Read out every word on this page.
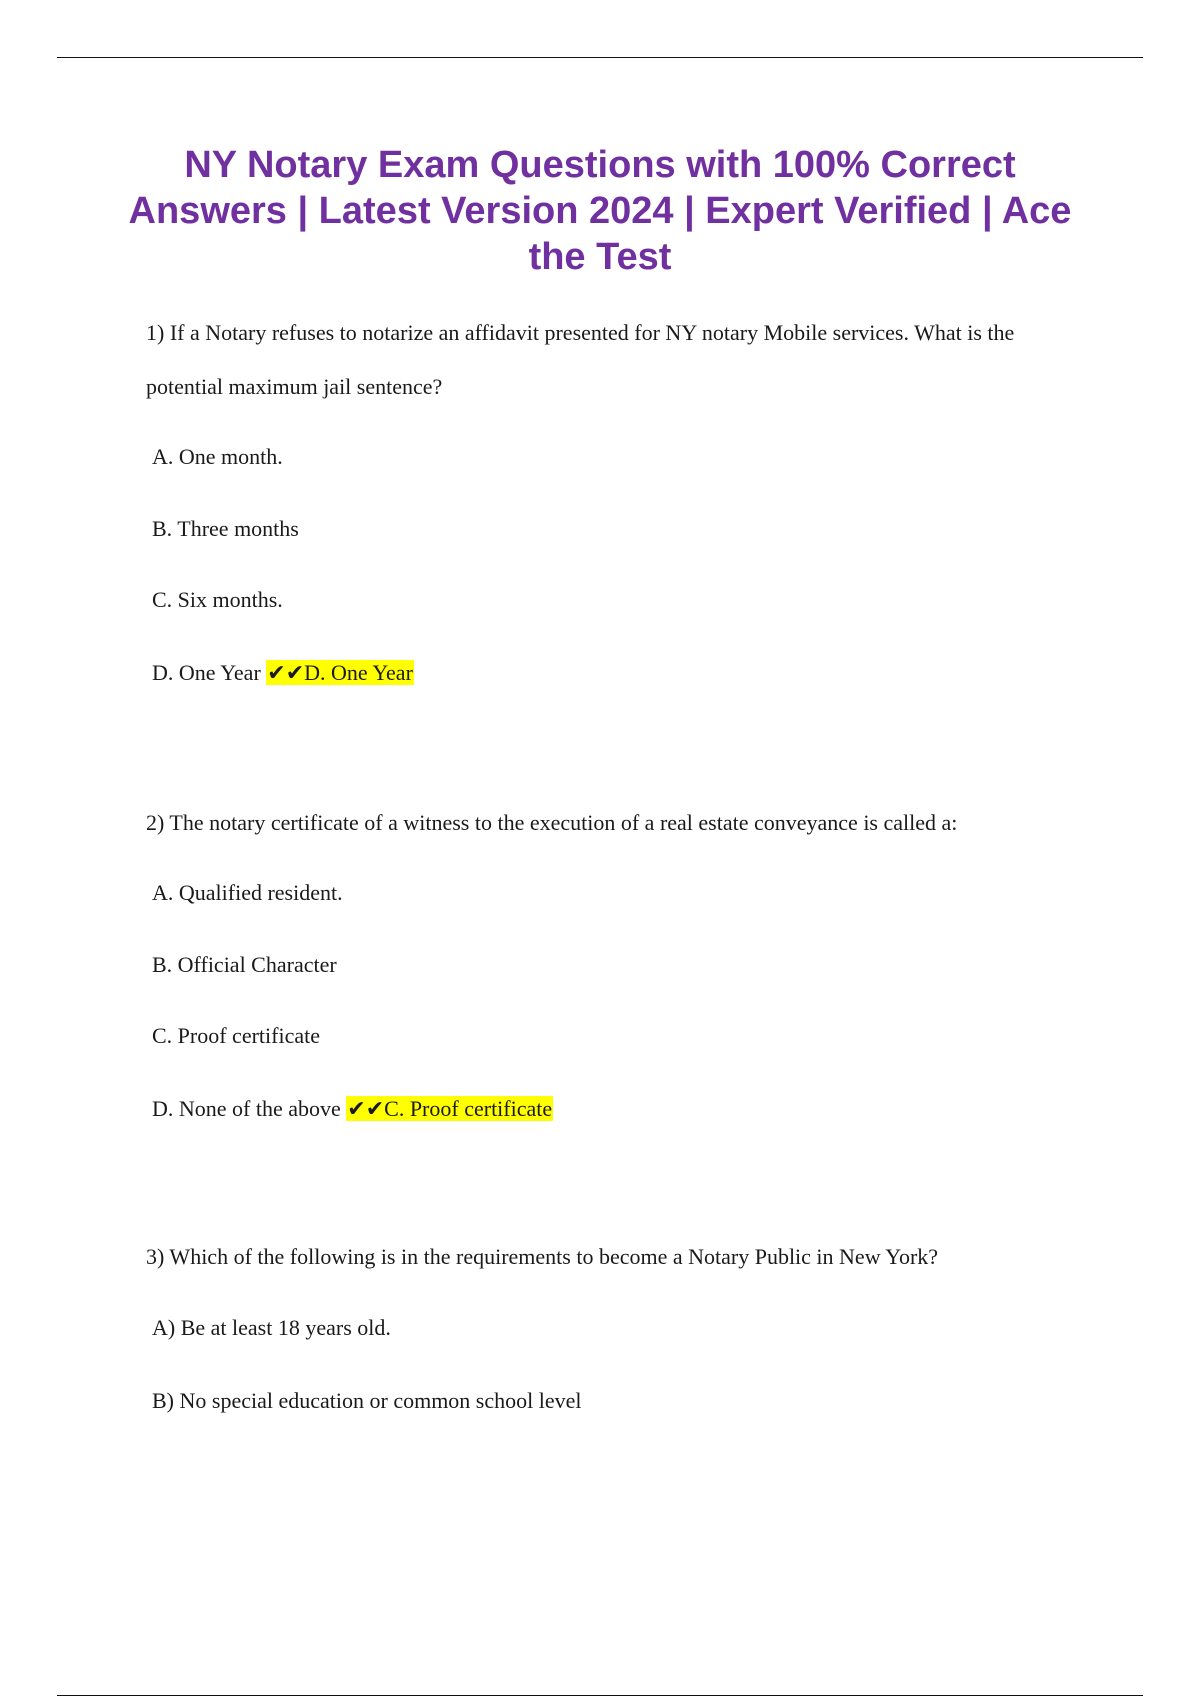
NY Notary Exam Questions with 100% Correct Answers | Latest Version 2024 | Expert Verified | Ace the Test

1) If a Notary refuses to notarize an affidavit presented for NY notary Mobile services. What is the potential maximum jail sentence?

A. One month.

B. Three months

C. Six months.

D. One Year ✔✔D. One Year

2) The notary certificate of a witness to the execution of a real estate conveyance is called a:

A. Qualified resident.

B. Official Character

C. Proof certificate

D. None of the above ✔✔C. Proof certificate

3) Which of the following is in the requirements to become a Notary Public in New York?

A) Be at least 18 years old.

B) No special education or common school level
